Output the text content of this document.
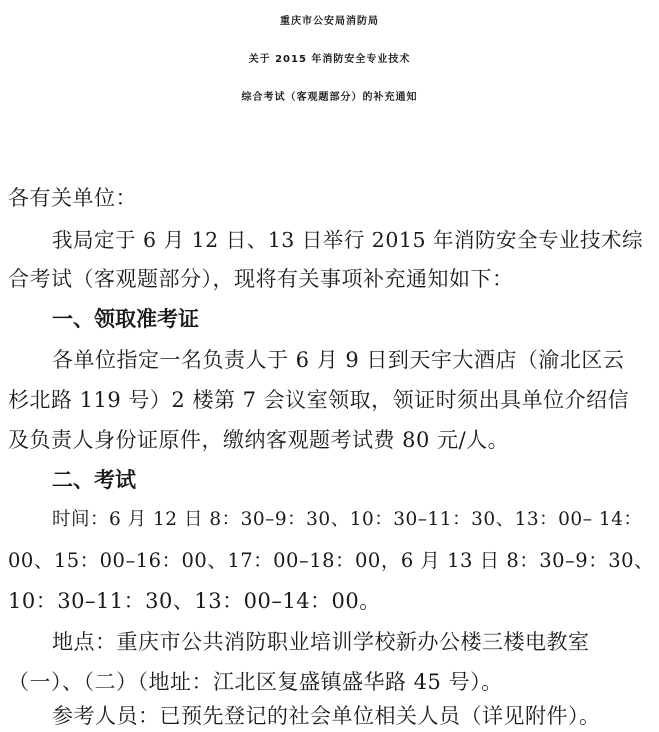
重庆市公安局消防局
关于 2015 年消防安全专业技术
综合考试（客观题部分）的补充通知
各有关单位：
我局定于 6 月 12 日、13 日举行 2015 年消防安全专业技术综
合考试（客观题部分），现将有关事项补充通知如下：
一、领取准考证
各单位指定一名负责人于 6 月 9 日到天宇大酒店（渝北区云
杉北路 119 号）2 楼第 7 会议室领取，领证时须出具单位介绍信
及负责人身份证原件，缴纳客观题考试费 80 元/人。
二、考试
时间：6 月 12 日 8：30–9：30、10：30–11：30、13：00– 14：
00、15：00–16：00、17：00–18：00，6 月 13 日 8：30–9：30、
10：30–11：30、13：00–14：00。
地点：重庆市公共消防职业培训学校新办公楼三楼电教室
（一）、（二）（地址：江北区复盛镇盛华路 45 号）。
参考人员：已预先登记的社会单位相关人员（详见附件）。
